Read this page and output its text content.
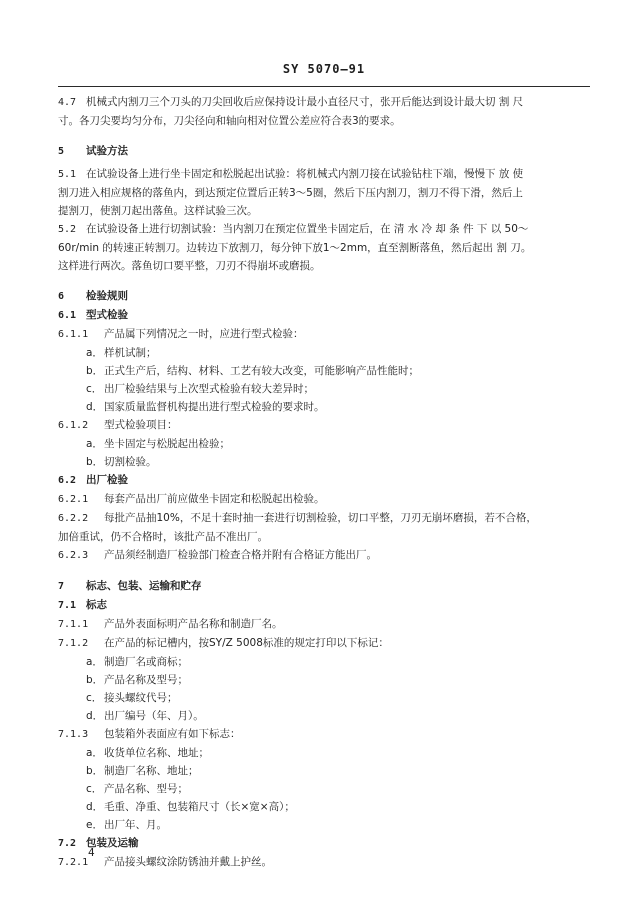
SY 5070—91
4.7 机械式内割刀三个刀头的刀尖回收后应保持设计最小直径尺寸，张开后能达到设计最大切 割 尺
寸。各刀尖要均匀分布，刀尖径向和轴向相对位置公差应符合表3的要求。
5 试验方法
5.1 在试验设备上进行坐卡固定和松脱起出试验：将机械式内割刀接在试验钻柱下端，慢慢下 放 使
割刀进入相应规格的落鱼内，到达预定位置后正转3～5圈，然后下压内割刀，割刀不得下滑，然后上
提割刀，使割刀起出落鱼。这样试验三次。
5.2 在试验设备上进行切割试验：当内割刀在预定位置坐卡固定后，在 清 水 冷 却 条 件 下 以 50～
60r/min 的转速正转割刀。边转边下放割刀，每分钟下放1～2mm，直至割断落鱼，然后起出 割 刀。
这样进行两次。落鱼切口要平整，刀刃不得崩坏或磨损。
6 检验规则
6.1 型式检验
6.1.1 产品属下列情况之一时，应进行型式检验：
a．样机试制；
b．正式生产后，结构、材料、工艺有较大改变，可能影响产品性能时；
c． 出厂检验结果与上次型式检验有较大差异时；
d．国家质量监督机构提出进行型式检验的要求时。
6.1.2 型式检验项目：
a．坐卡固定与松脱起出检验；
b．切割检验。
6.2 出厂检验
6.2.1 每套产品出厂前应做坐卡固定和松脱起出检验。
6.2.2 每批产品抽10%，不足十套时抽一套进行切割检验，切口平整，刀刃无崩坏磨损，若不合格，
加倍重试，仍不合格时，该批产品不准出厂。
6.2.3 产品须经制造厂检验部门检查合格并附有合格证方能出厂。
7 标志、包装、运输和贮存
7.1 标志
7.1.1 产品外表面标明产品名称和制造厂名。
7.1.2 在产品的标记槽内，按SY/Z 5008标准的规定打印以下标记：
a．制造厂名或商标；
b．产品名称及型号；
c． 接头螺纹代号；
d．出厂编号（年、月）。
7.1.3 包装箱外表面应有如下标志：
a．收货单位名称、地址；
b．制造厂名称、地址；
c． 产品名称、型号；
d．毛重、净重、包装箱尺寸（长×宽×高）；
e．出厂年、月。
7.2 包装及运输
7.2.1 产品接头螺纹涂防锈油并戴上护丝。
4
